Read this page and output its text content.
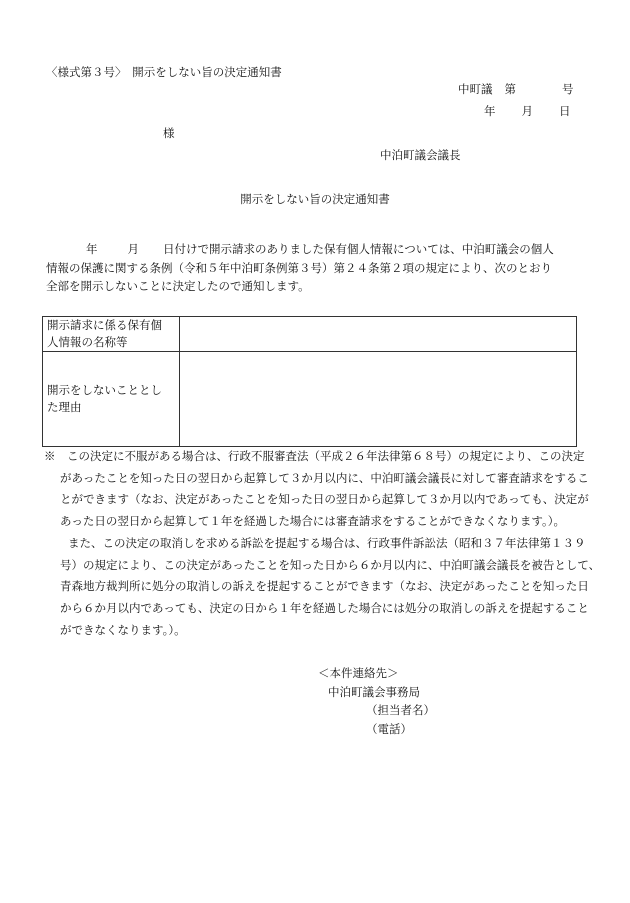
〈様式第３号〉　開示をしない旨の決定通知書
中町議 第	号
年 月 日
様
中泊町議会議長
開示をしない旨の決定通知書

年	月 日付けで開示請求のありました保有個人情報については、中泊町議会の個人

情報の保護に関する条例（令和５年中泊町条例第３号）第２４条第２項の規定により、次のとおり

全部を開示しないことに決定したので通知します。

開示請求に係る保有個
人情報の名称等	

開示をしないこととし
た理由	

※　この決定に不服がある場合は、行政不服審査法（平成２６年法律第６８号）の規定により、この決定

があったことを知った日の翌日から起算して３か月以内に、中泊町議会議長に対して審査請求をするこ

とができます（なお、決定があったことを知った日の翌日から起算して３か月以内であっても、決定が

あった日の翌日から起算して１年を経過した場合には審査請求をすることができなくなります。）。

また、この決定の取消しを求める訴訟を提起する場合は、行政事件訴訟法（昭和３７年法律第１３９

号）の規定により、この決定があったことを知った日から６か月以内に、中泊町議会議長を被告として、

青森地方裁判所に処分の取消しの訴えを提起することができます（なお、決定があったことを知った日

から６か月以内であっても、決定の日から１年を経過した場合には処分の取消しの訴えを提起すること

ができなくなります。）。

＜本件連絡先＞

中泊町議会事務局

（担当者名）

（電話）
